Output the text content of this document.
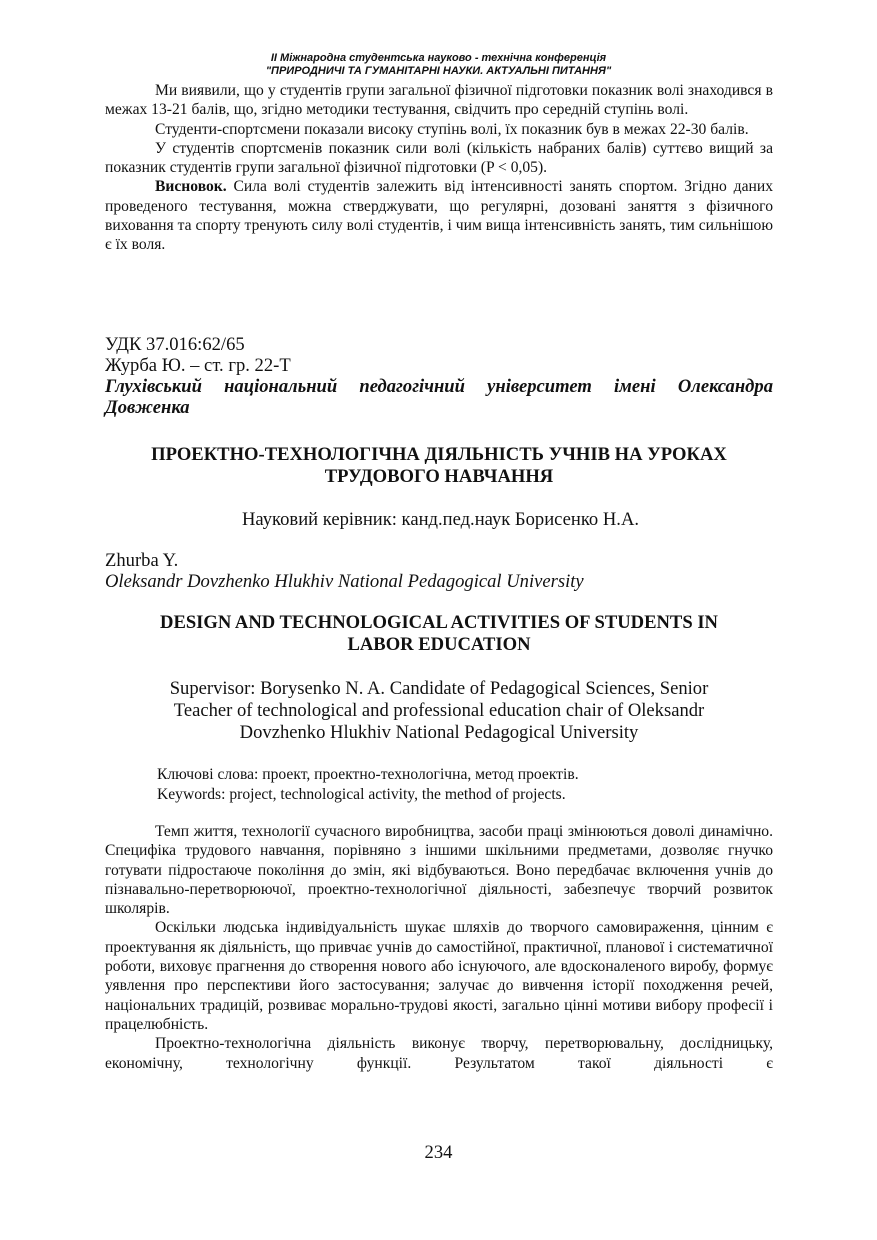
II Міжнародна студентська науково - технічна конференція
"ПРИРОДНИЧІ ТА ГУМАНІТАРНІ НАУКИ. АКТУАЛЬНІ ПИТАННЯ"

Ми виявили, що у студентів групи загальної фізичної підготовки показник волі знаходився в межах 13-21 балів, що, згідно методики тестування, свідчить про середній ступінь волі.

Студенти-спортсмени показали високу ступінь волі, їх показник був в межах 22-30 балів.

У студентів спортсменів показник сили волі (кількість набраних балів) суттєво вищий за показник студентів групи загальної фізичної підготовки (P < 0,05).

Висновок. Сила волі студентів залежить від інтенсивності занять спортом. Згідно даних проведеного тестування, можна стверджувати, що регулярні, дозовані заняття з фізичного виховання та спорту тренують силу волі студентів, і чим вища інтенсивність занять, тим сильнішою є їх воля.

УДК 37.016:62/65
Журба Ю. – ст. гр. 22-Т
Глухівський національний педагогічний університет імені Олександра Довженка
ПРОЕКТНО-ТЕХНОЛОГІЧНА ДІЯЛЬНІСТЬ УЧНІВ НА УРОКАХ
ТРУДОВОГО НАВЧАННЯ
Науковий керівник: канд.пед.наук Борисенко Н.А.
Zhurba Y.
Oleksandr Dovzhenko Hlukhiv National Pedagogical University
DESIGN AND TECHNOLOGICAL ACTIVITIES OF STUDENTS IN
LABOR EDUCATION
Supervisor: Borysenko N. A. Candidate of Pedagogical Sciences, Senior
Teacher of technological and professional education chair of Oleksandr
Dovzhenko Hlukhiv National Pedagogical University
Ключові слова: проект, проектно-технологічна, метод проектів.
Keywords: project, technological activity, the method of projects.

Темп життя, технології сучасного виробництва, засоби праці змінюються доволі динамічно. Специфіка трудового навчання, порівняно з іншими шкільними предметами, дозволяє гнучко готувати підростаюче покоління до змін, які відбуваються. Воно передбачає включення учнів до пізнавально-перетворюючої, проектно-технологічної діяльності, забезпечує творчий розвиток школярів.

Оскільки людська індивідуальність шукає шляхів до творчого самовираження, цінним є проектування як діяльність, що привчає учнів до самостійної, практичної, планової і систематичної роботи, виховує прагнення до створення нового або існуючого, але вдосконаленого виробу, формує уявлення про перспективи його застосування; залучає до вивчення історії походження речей, національних традицій, розвиває морально-трудові якості, загально цінні мотиви вибору професії і працелюбність.

Проектно-технологічна діяльність виконує творчу, перетворювальну, дослідницьку, економічну, технологічну функції. Результатом такої діяльності є

234
